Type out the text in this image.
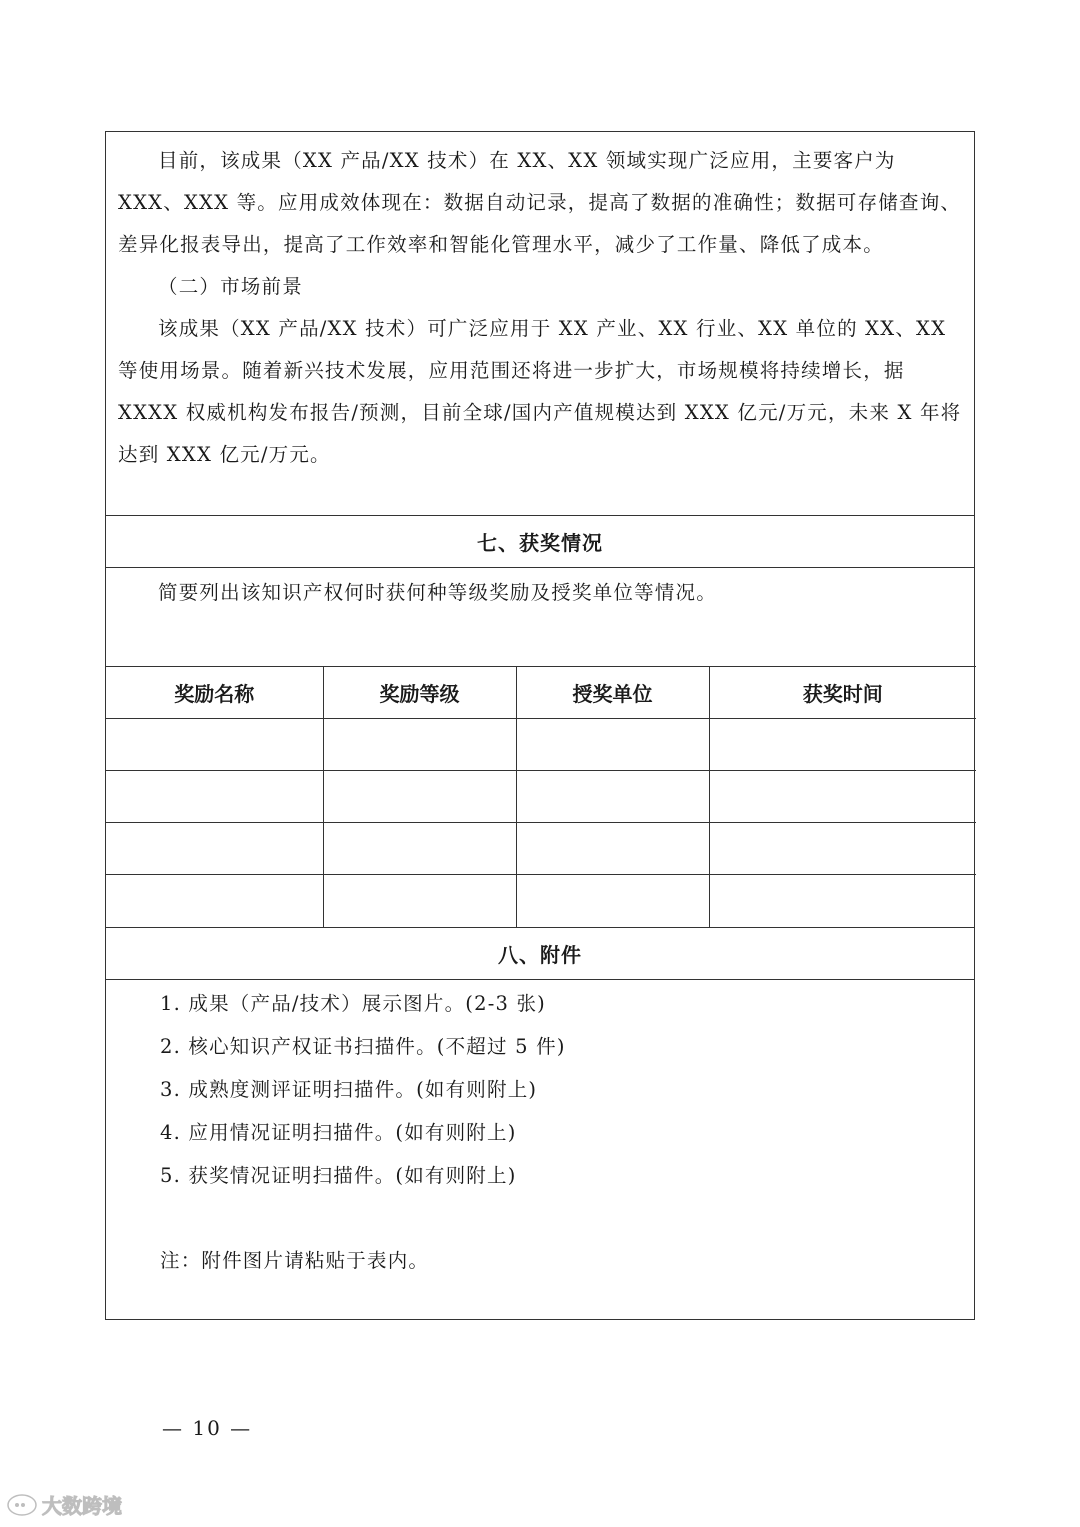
目前，该成果（XX 产品/XX 技术）在 XX、XX 领域实现广泛应用，主要客户为 XXX、XXX 等。应用成效体现在：数据自动记录，提高了数据的准确性；数据可存储查询、差异化报表导出，提高了工作效率和智能化管理水平，减少了工作量、降低了成本。

（二）市场前景

该成果（XX 产品/XX 技术）可广泛应用于 XX 产业、XX 行业、XX 单位的 XX、XX 等使用场景。随着新兴技术发展，应用范围还将进一步扩大，市场规模将持续增长，据 XXXX 权威机构发布报告/预测，目前全球/国内产值规模达到 XXX 亿元/万元，未来 X 年将达到 XXX 亿元/万元。

七、获奖情况

简要列出该知识产权何时获何种等级奖励及授奖单位等情况。

奖励名称	奖励等级	授奖单位	获奖时间

八、附件

1. 成果（产品/技术）展示图片。(2-3 张)

2. 核心知识产权证书扫描件。(不超过 5 件)

3. 成熟度测评证明扫描件。(如有则附上)

4. 应用情况证明扫描件。(如有则附上)

5. 获奖情况证明扫描件。(如有则附上)

注：附件图片请粘贴于表内。

— 10 —
大数跨境
